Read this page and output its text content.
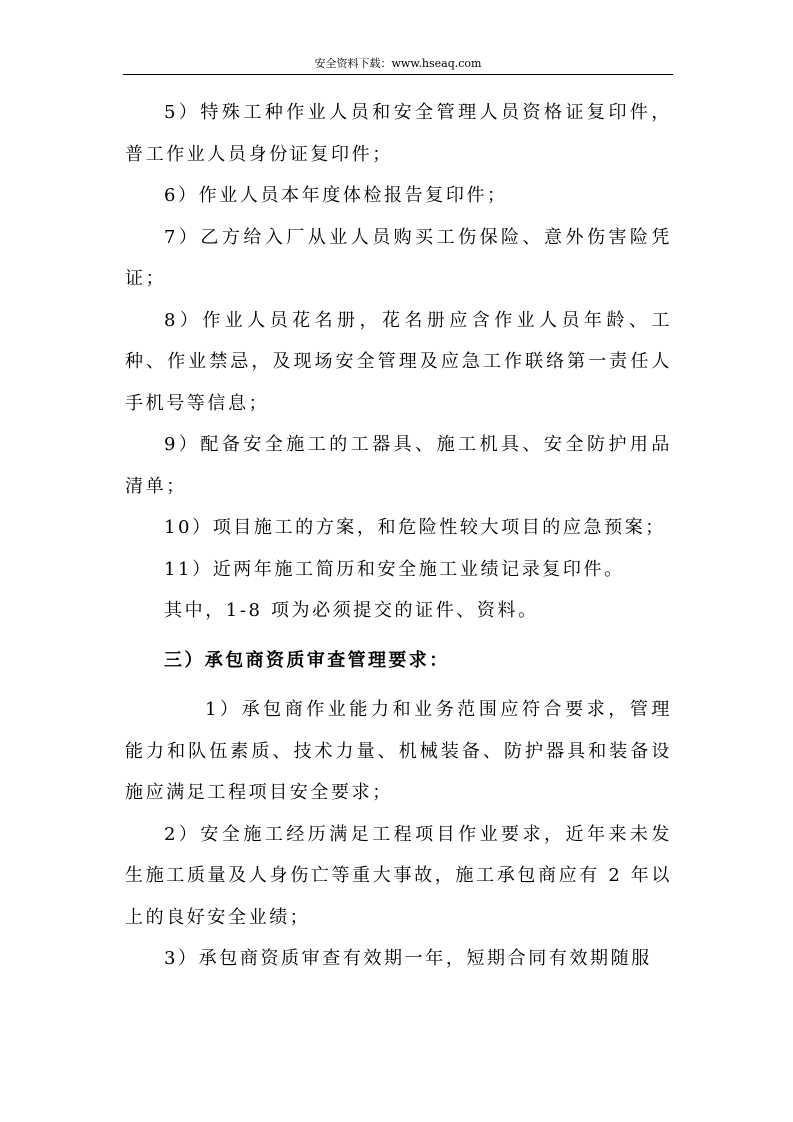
安全资料下载：www.hseaq.com

5）特殊工种作业人员和安全管理人员资格证复印件，普工作业人员身份证复印件；

6）作业人员本年度体检报告复印件；

7）乙方给入厂从业人员购买工伤保险、意外伤害险凭证；

8）作业人员花名册，花名册应含作业人员年龄、工种、作业禁忌，及现场安全管理及应急工作联络第一责任人手机号等信息；

9）配备安全施工的工器具、施工机具、安全防护用品清单；

10）项目施工的方案，和危险性较大项目的应急预案；

11）近两年施工简历和安全施工业绩记录复印件。

其中，1-8 项为必须提交的证件、资料。

三）承包商资质审查管理要求：

1）承包商作业能力和业务范围应符合要求，管理能力和队伍素质、技术力量、机械装备、防护器具和装备设施应满足工程项目安全要求；

2）安全施工经历满足工程项目作业要求，近年来未发生施工质量及人身伤亡等重大事故，施工承包商应有 2 年以上的良好安全业绩；

3）承包商资质审查有效期一年，短期合同有效期随服
